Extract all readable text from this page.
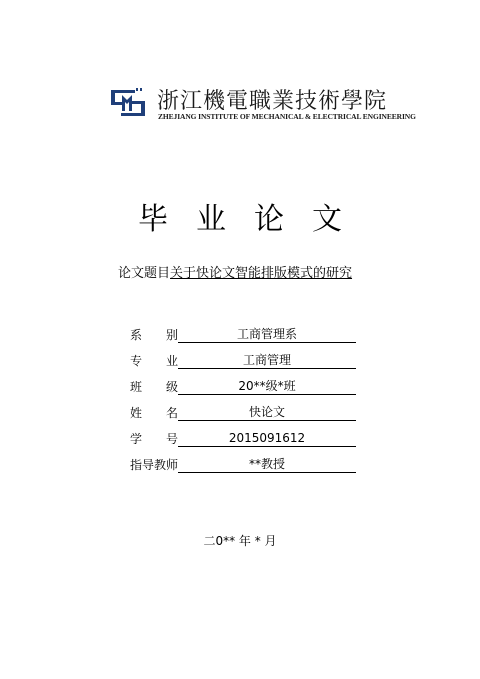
浙江機電職業技術學院
ZHEJIANG INSTITUTE OF MECHANICAL & ELECTRICAL ENGINEERING
毕业论文
论文题目关于快论文智能排版模式的研究
系 别	工商管理系
专 业	工商管理
班 级	20**级*班
姓 名	快论文
学 号	2015091612
指导教师	**教授
二0** 年 * 月
